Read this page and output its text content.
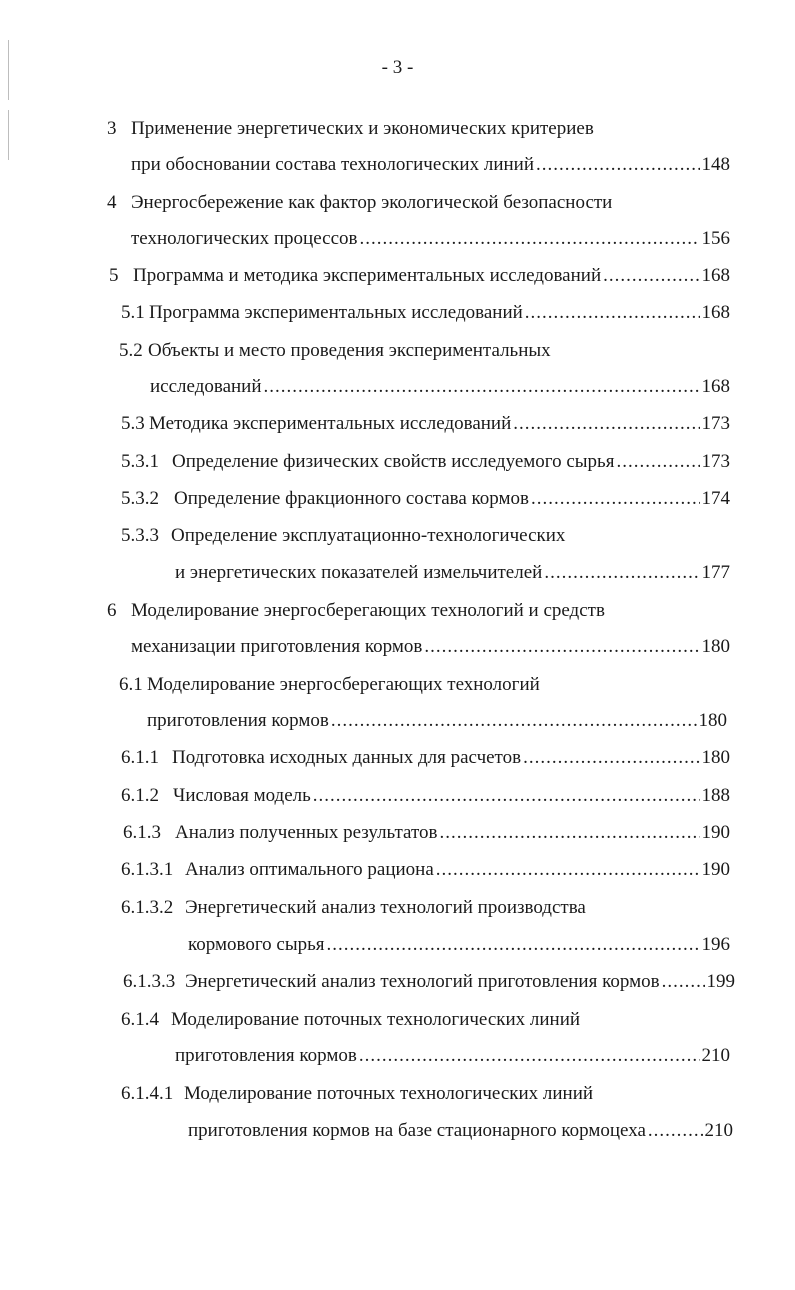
- 3 -
3 Применение энергетических и экономических критериев
при обосновании состава технологических линий .....	148
4 Энергосбережение как фактор экологической безопасности
технологических процессов .....	156
5 Программа и методика экспериментальных исследований .....	168
5.1 Программа экспериментальных исследований .....	168
5.2 Объекты и место проведения экспериментальных
исследований .....	168
5.3 Методика экспериментальных исследований .....	173
5.3.1 Определение физических свойств исследуемого сырья .....	173
5.3.2 Определение фракционного состава кормов .....	174
5.3.3 Определение эксплуатационно-технологических
и энергетических показателей измельчителей .....	177
6 Моделирование энергосберегающих технологий и средств
механизации приготовления кормов .....	180
6.1 Моделирование энергосберегающих технологий
приготовления кормов .....	180
6.1.1 Подготовка исходных данных для расчетов .....	180
6.1.2 Числовая модель .....	188
6.1.3 Анализ полученных результатов .....	190
6.1.3.1 Анализ оптимального рациона .....	190
6.1.3.2 Энергетический анализ технологий производства
кормового сырья .....	196
6.1.3.3 Энергетический анализ технологий приготовления кормов ..... 199
6.1.4 Моделирование поточных технологических линий
приготовления кормов .....	210
6.1.4.1 Моделирование поточных технологических линий
приготовления кормов на базе стационарного кормоцеха .....	210
